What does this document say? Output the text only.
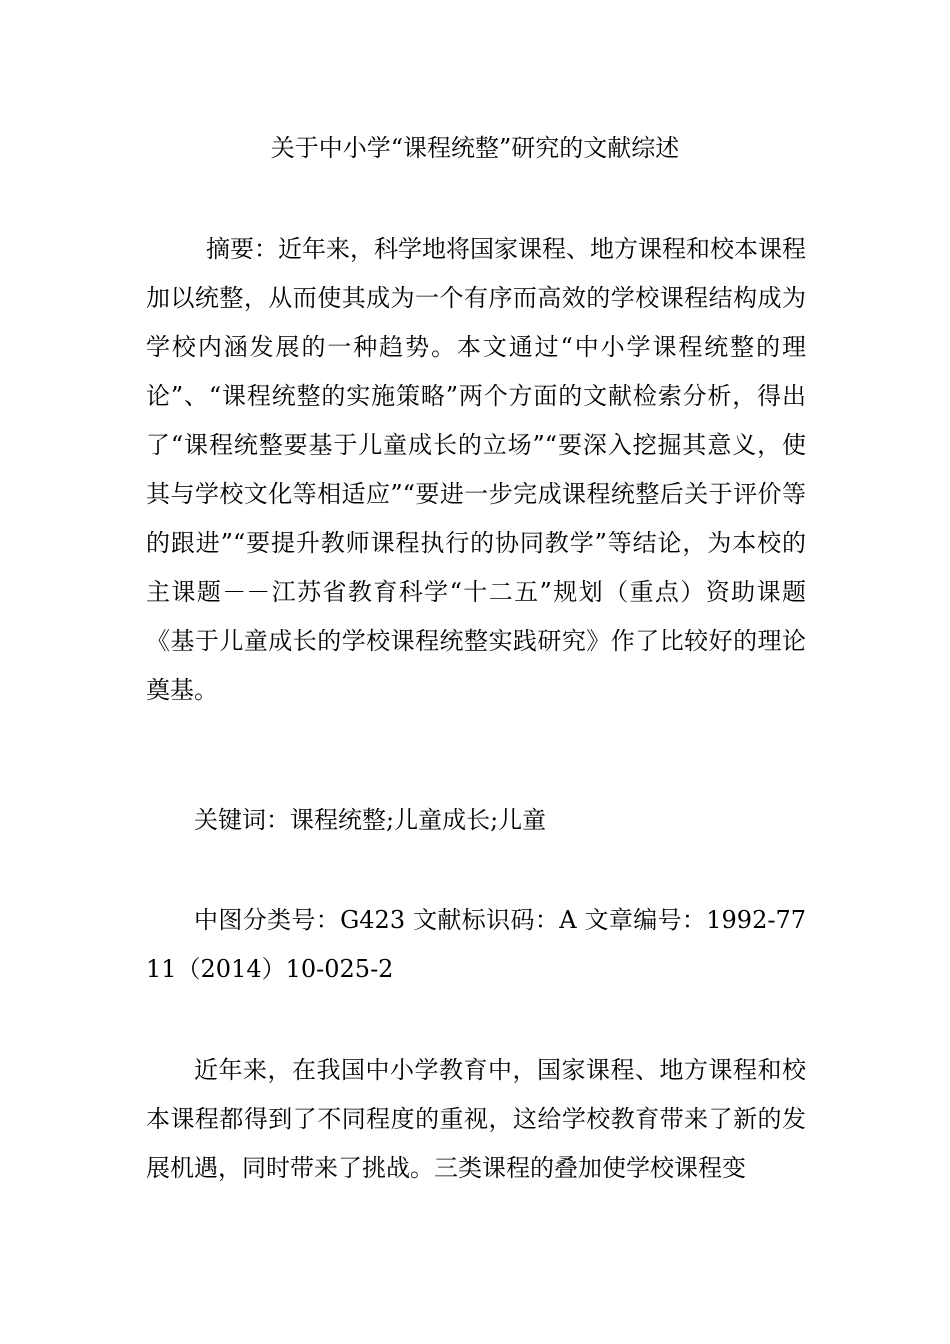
关于中小学“课程统整”研究的文献综述
摘要：近年来，科学地将国家课程、地方课程和校本课程加以统整，从而使其成为一个有序而高效的学校课程结构成为学校内涵发展的一种趋势。本文通过“中小学课程统整的理论”、“课程统整的实施策略”两个方面的文献检索分析，得出了“课程统整要基于儿童成长的立场”“要深入挖掘其意义，使其与学校文化等相适应”“要进一步完成课程统整后关于评价等的跟进”“要提升教师课程执行的协同教学”等结论，为本校的主课题－－江苏省教育科学“十二五”规划（重点）资助课题《基于儿童成长的学校课程统整实践研究》作了比较好的理论奠基。
关键词：课程统整;儿童成长;儿童
中图分类号：G423 文献标识码：A 文章编号：1992-7711（2014）10-025-2
近年来，在我国中小学教育中，国家课程、地方课程和校本课程都得到了不同程度的重视，这给学校教育带来了新的发展机遇，同时带来了挑战。三类课程的叠加使学校课程变
